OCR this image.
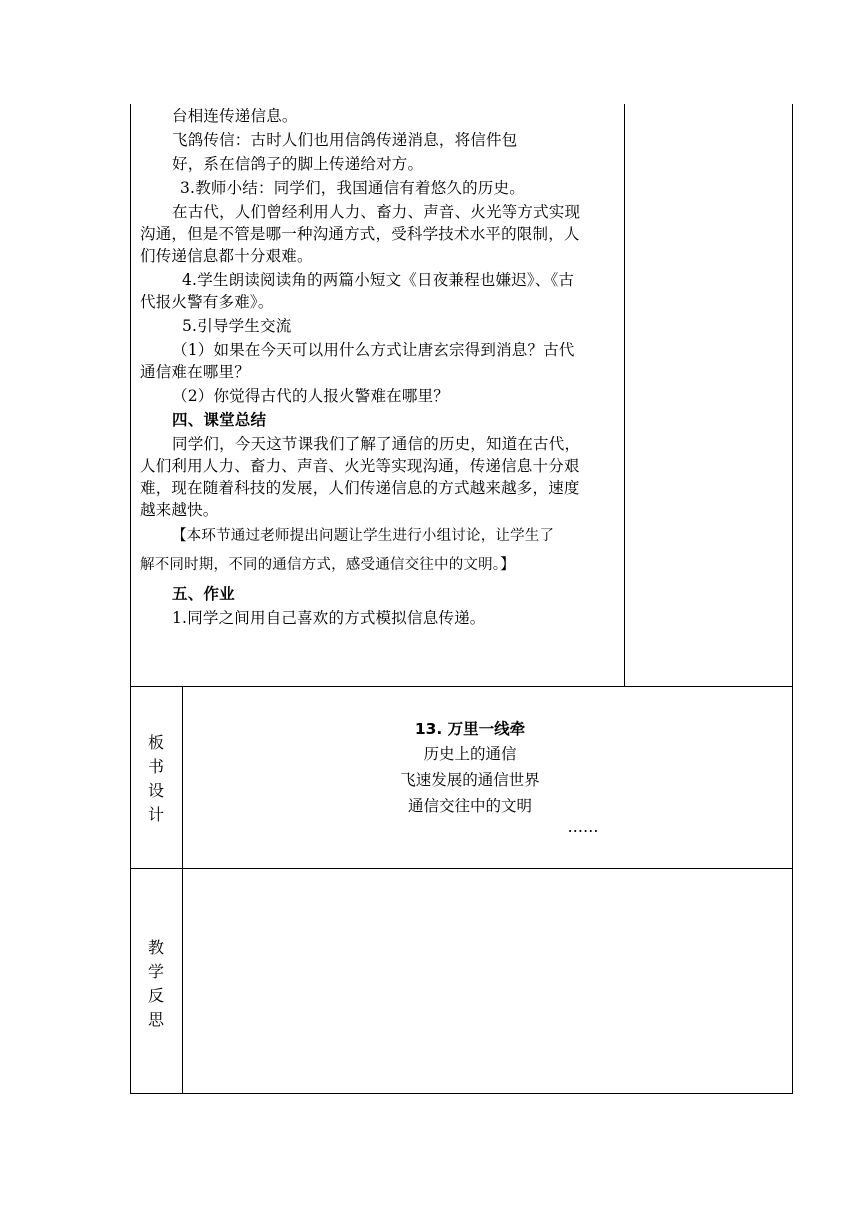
台相连传递信息。
飞鸽传信：古时人们也用信鸽传递消息，将信件包
好，系在信鸽子的脚上传递给对方。
3.教师小结：同学们，我国通信有着悠久的历史。
在古代，人们曾经利用人力、畜力、声音、火光等方式实现
沟通，但是不管是哪一种沟通方式，受科学技术水平的限制，人
们传递信息都十分艰难。
4.学生朗读阅读角的两篇小短文《日夜兼程也嫌迟》、《古
代报火警有多难》。
5.引导学生交流
（1）如果在今天可以用什么方式让唐玄宗得到消息？古代
通信难在哪里？
（2）你觉得古代的人报火警难在哪里？
四、课堂总结
同学们，今天这节课我们了解了通信的历史，知道在古代，
人们利用人力、畜力、声音、火光等实现沟通，传递信息十分艰
难，现在随着科技的发展，人们传递信息的方式越来越多，速度
越来越快。
【本环节通过老师提出问题让学生进行小组讨论，让学生了
解不同时期，不同的通信方式，感受通信交往中的文明。】
五、作业
1.同学之间用自己喜欢的方式模拟信息传递。
板
书
设
计
13. 万里一线牵
历史上的通信
飞速发展的通信世界
通信交往中的文明
……
教
学
反
思
